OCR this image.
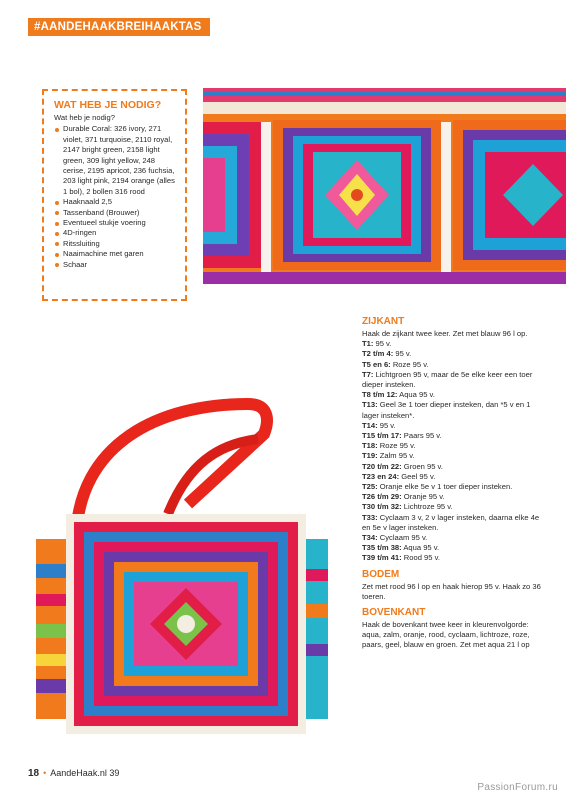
#AANDEHAAKBREIHAAKTAS
WAT HEB JE NODIG?

Wat heb je nodig?

Durable Coral: 326 ivory, 271 violet, 371 turquoise, 2110 royal, 2147 bright green, 2158 light green, 309 light yellow, 248 cerise, 2195 apricot, 236 fuchsia, 203 light pink, 2194 orange (alles 1 bol), 2 bollen 316 rood
Haaknaald 2,5
Tassenband (Brouwer)
Eventueel stukje voering
4D-ringen
Ritssluiting
Naaimachine met garen
Schaar
ZIJKANT

Haak de zijkant twee keer. Zet met blauw 96 l op.

T1: 95 v.

T2 t/m 4: 95 v.

T5 en 6: Roze 95 v.

T7: Lichtgroen 95 v, maar de 5e elke keer een toer dieper insteken.

T8 t/m 12: Aqua 95 v.

T13: Geel 3e 1 toer dieper insteken, dan *5 v en 1 lager insteken*.

T14: 95 v.

T15 t/m 17: Paars 95 v.

T18: Roze 95 v.

T19: Zalm 95 v.

T20 t/m 22: Groen 95 v.

T23 en 24: Geel 95 v.

T25: Oranje elke 5e v 1 toer dieper insteken.

T26 t/m 29: Oranje 95 v.

T30 t/m 32: Lichtroze 95 v.

T33: Cyclaam 3 v, 2 v lager insteken, daarna elke 4e en 5e v lager insteken.

T34: Cyclaam 95 v.

T35 t/m 38: Aqua 95 v.

T39 t/m 41: Rood 95 v.

BODEM

Zet met rood 96 l op en haak hierop 95 v. Haak zo 36 toeren.

BOVENKANT

Haak de bovenkant twee keer in kleurenvolgorde: aqua, zalm, oranje, rood, cyclaam, lichtroze, roze, paars, geel, blauw en groen. Zet met aqua 21 l op

18 • AandeHaak.nl 39
PassionForum.ru
